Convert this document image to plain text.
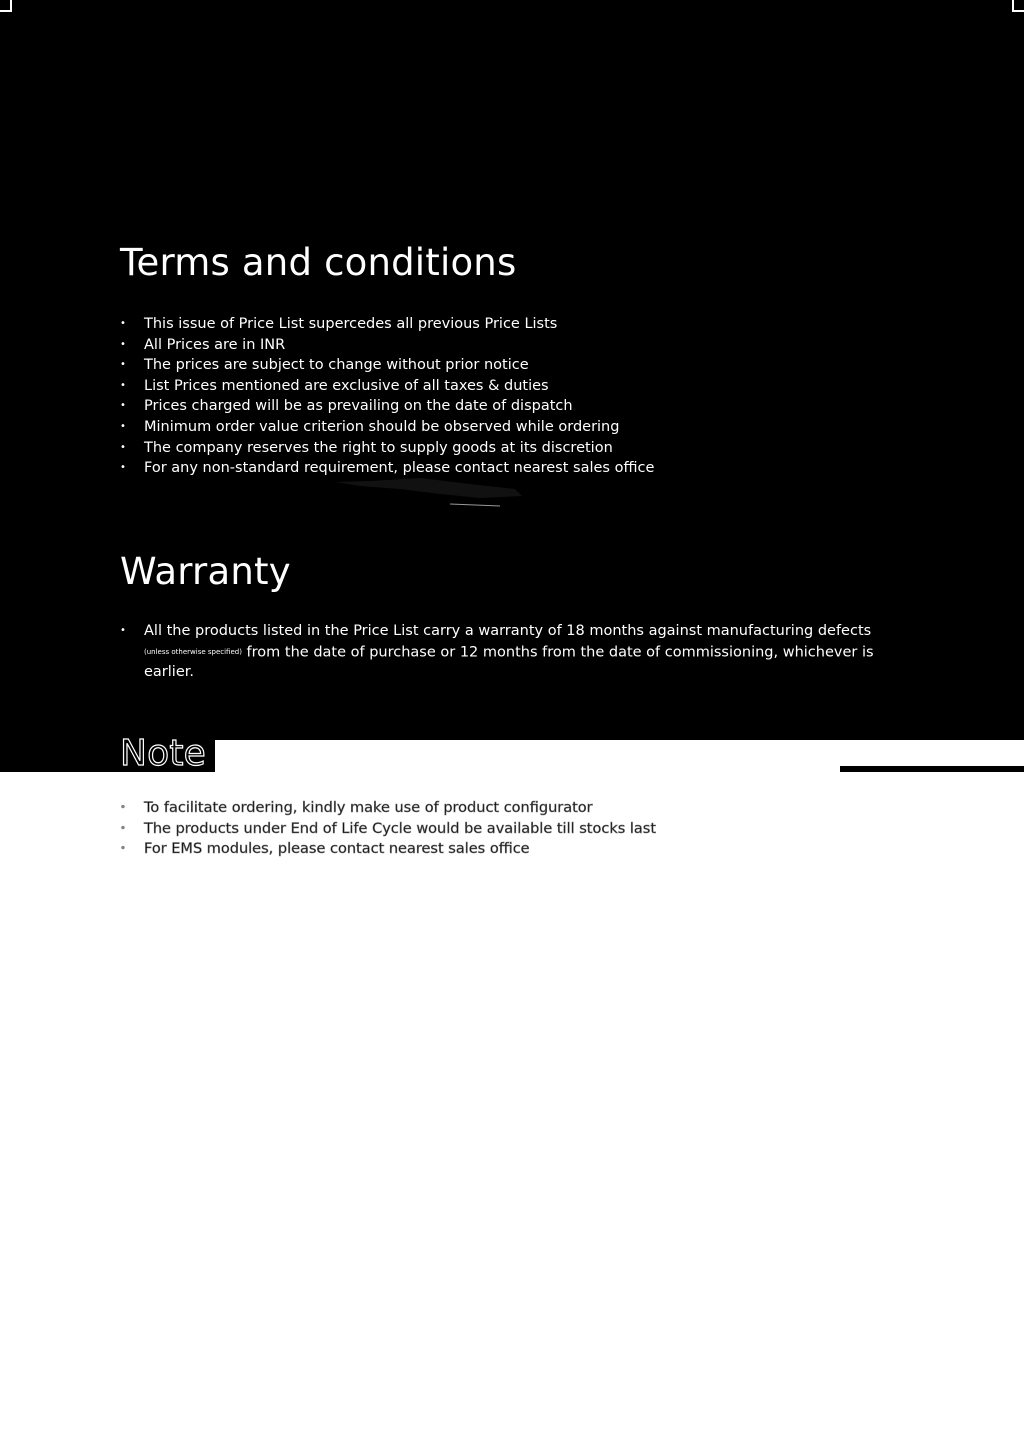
Terms and conditions
• This issue of Price List supercedes all previous Price Lists
• All Prices are in INR
• The prices are subject to change without prior notice
• List Prices mentioned are exclusive of all taxes & duties
• Prices charged will be as prevailing on the date of dispatch
• Minimum order value criterion should be observed while ordering
• The company reserves the right to supply goods at its discretion
• For any non-standard requirement, please contact nearest sales office
Warranty
• All the products listed in the Price List carry a warranty of 18 months against manufacturing defects
(unless otherwise specified) from the date of purchase or 12 months from the date of commissioning, whichever is earlier.
Note
• To facilitate ordering, kindly make use of product configurator
• The products under End of Life Cycle would be available till stocks last
• For EMS modules, please contact nearest sales office
